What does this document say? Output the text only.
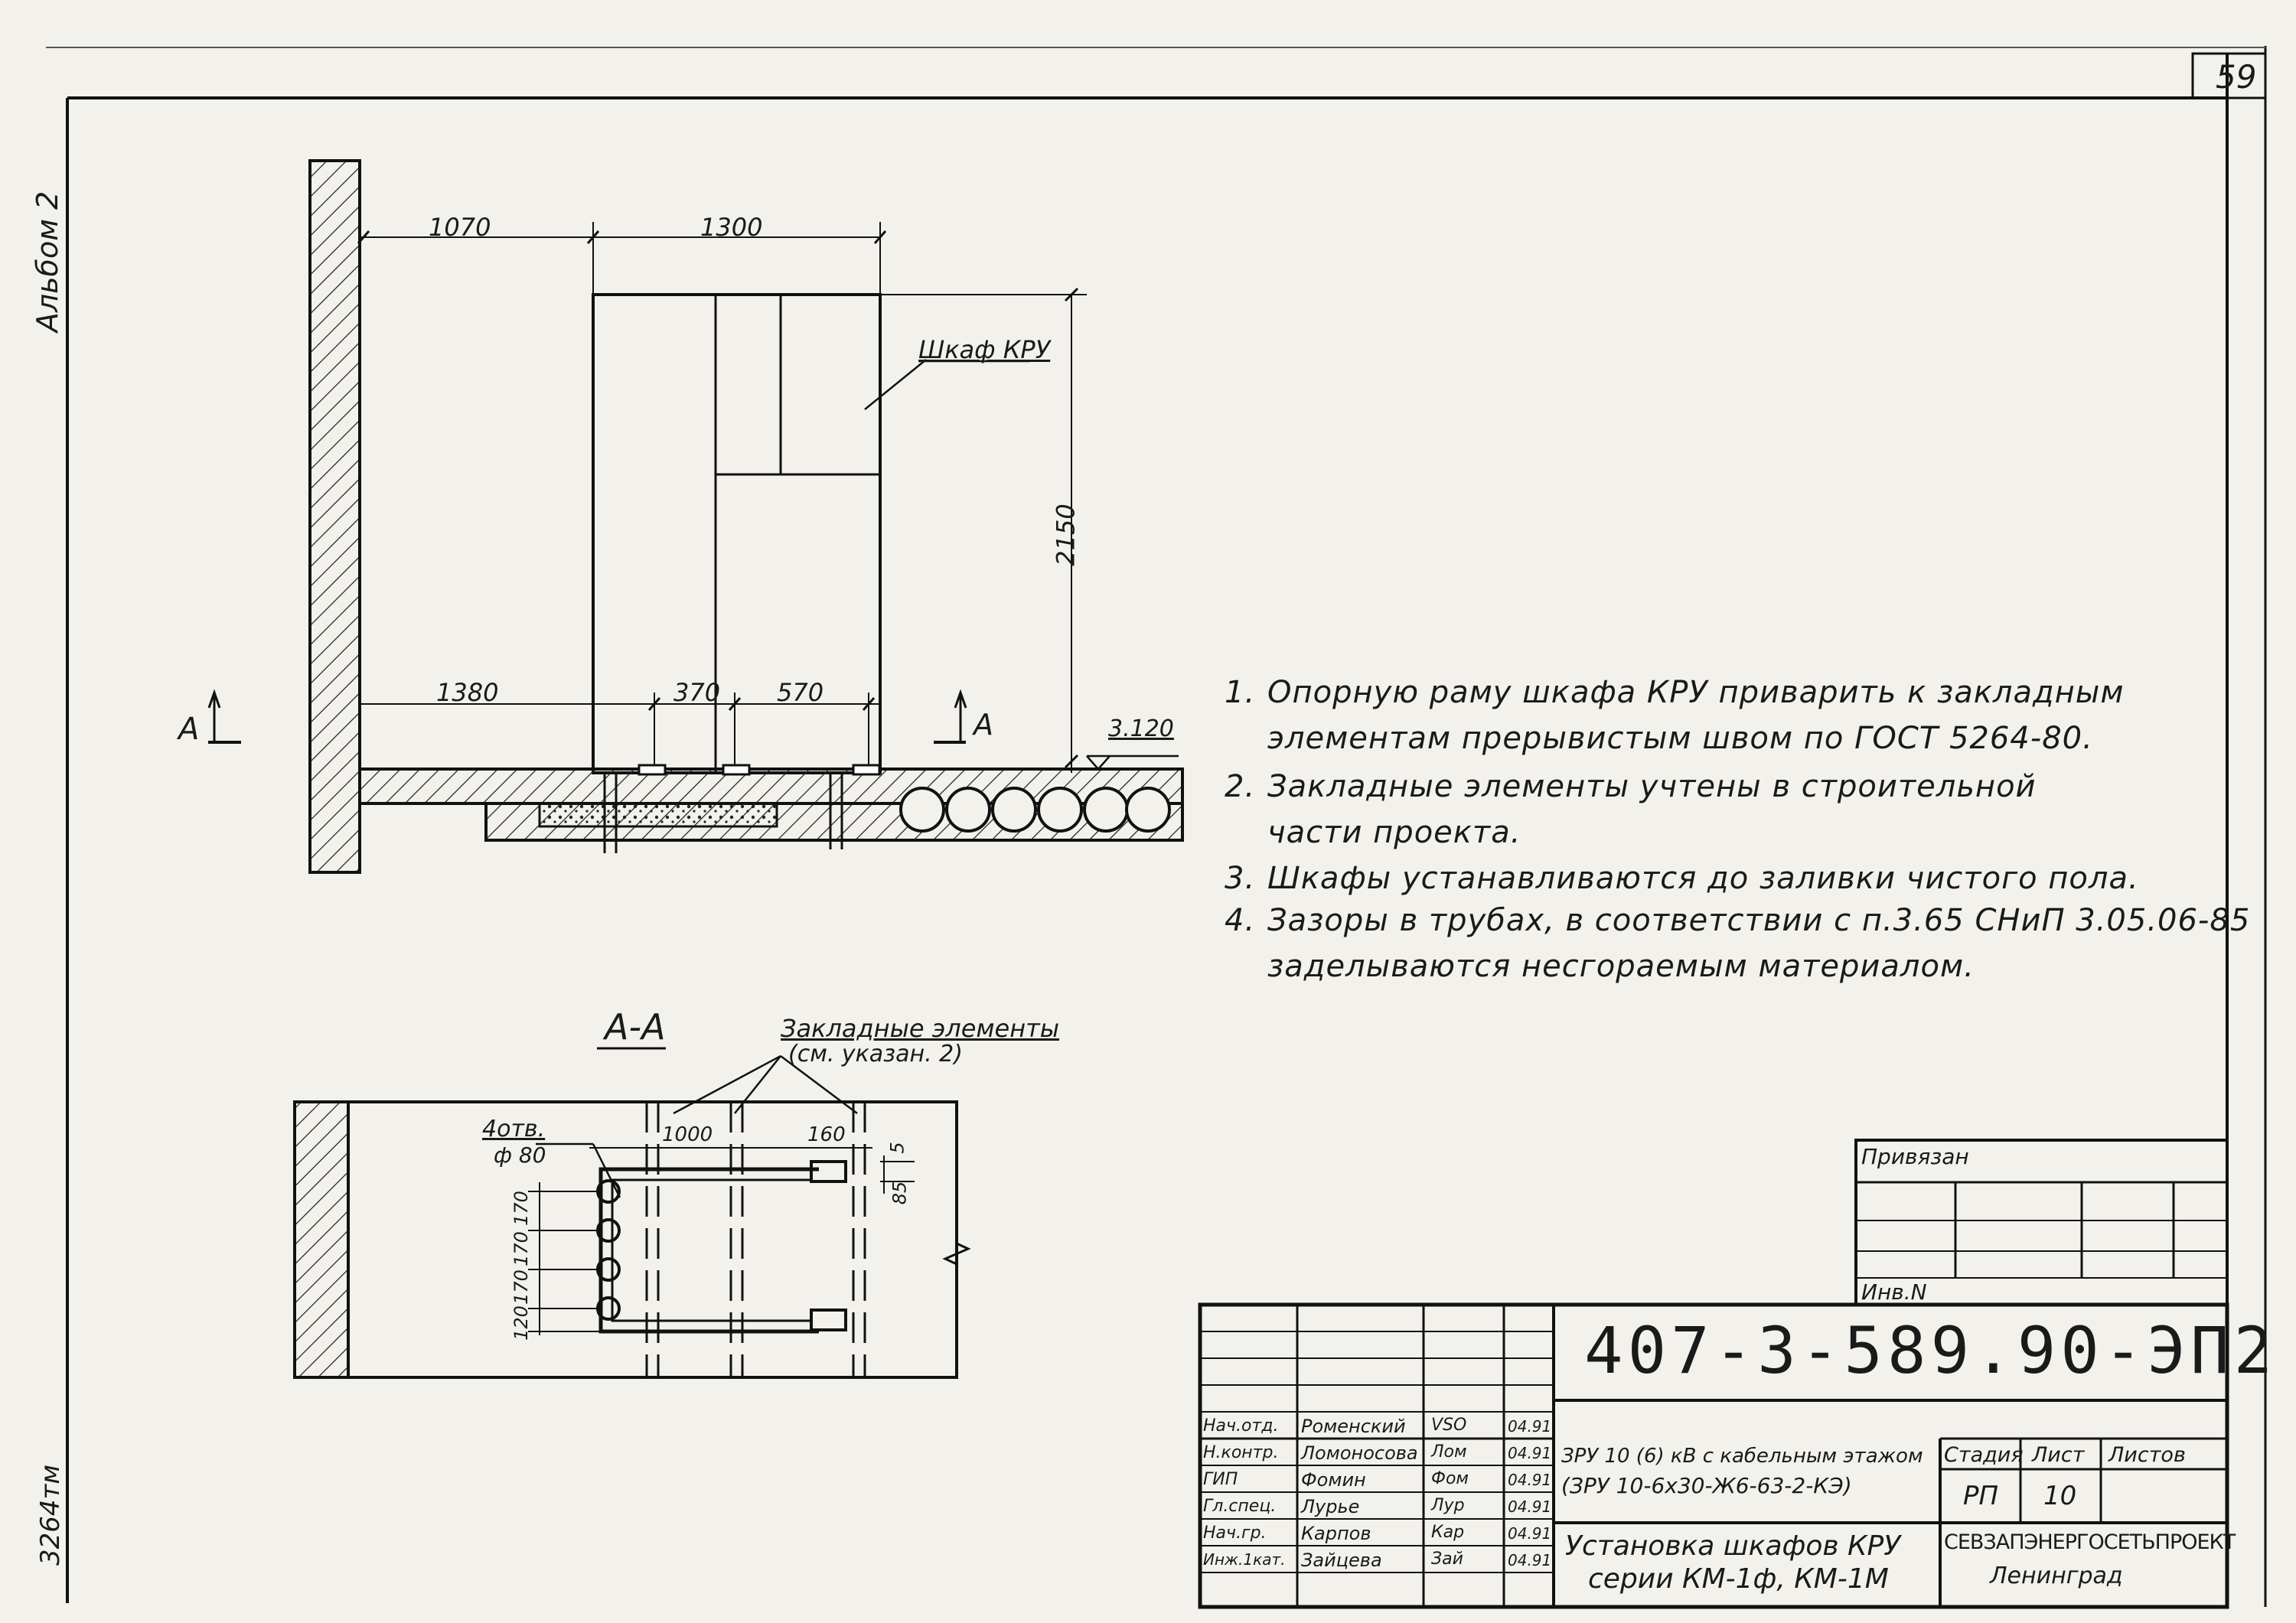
59
Альбом 2
3264тм
1070	1300
2150
1380	370 570
3.120
Шкаф КРУ
А	А
А-А	Закладные элементы
(см. указан. 2)
4отв.
ф 80
1000	160
5
85
170
170
170
120
1. Опорную раму шкафа КРУ приварить к закладным
элементам прерывистым швом по ГОСТ 5264-80.
2. Закладные элементы учтены в строительной
части проекта.
3. Шкафы устанавливаются до заливки чистого пола.
4. Зазоры в трубах, в соответствии с п.3.65 СНиП 3.05.06-85
заделываются несгораемым материалом.
Привязан
Инв.N
407-3-589.90-ЭП2
ЗРУ 10 (6) кВ с кабельным этажом
(ЗРУ 10-6х30-Ж6-63-2-КЭ)
Установка шкафов КРУ
серии КМ-1ф, КМ-1М
Стадия Лист Листов
РП 10
СЕВЗАПЭНЕРГОСЕТЬПРОЕКТ
Ленинград
Нач.отд. Роменский VSO	04.91
Н.контр. Ломоносова Лом	04.91
ГИП	Фомин	Фом	04.91
Гл.спец. Лурье	Лур	04.91
Нач.гр. Карпов	Кар	04.91
Инж.1кат. Зайцева	Зай	04.91
